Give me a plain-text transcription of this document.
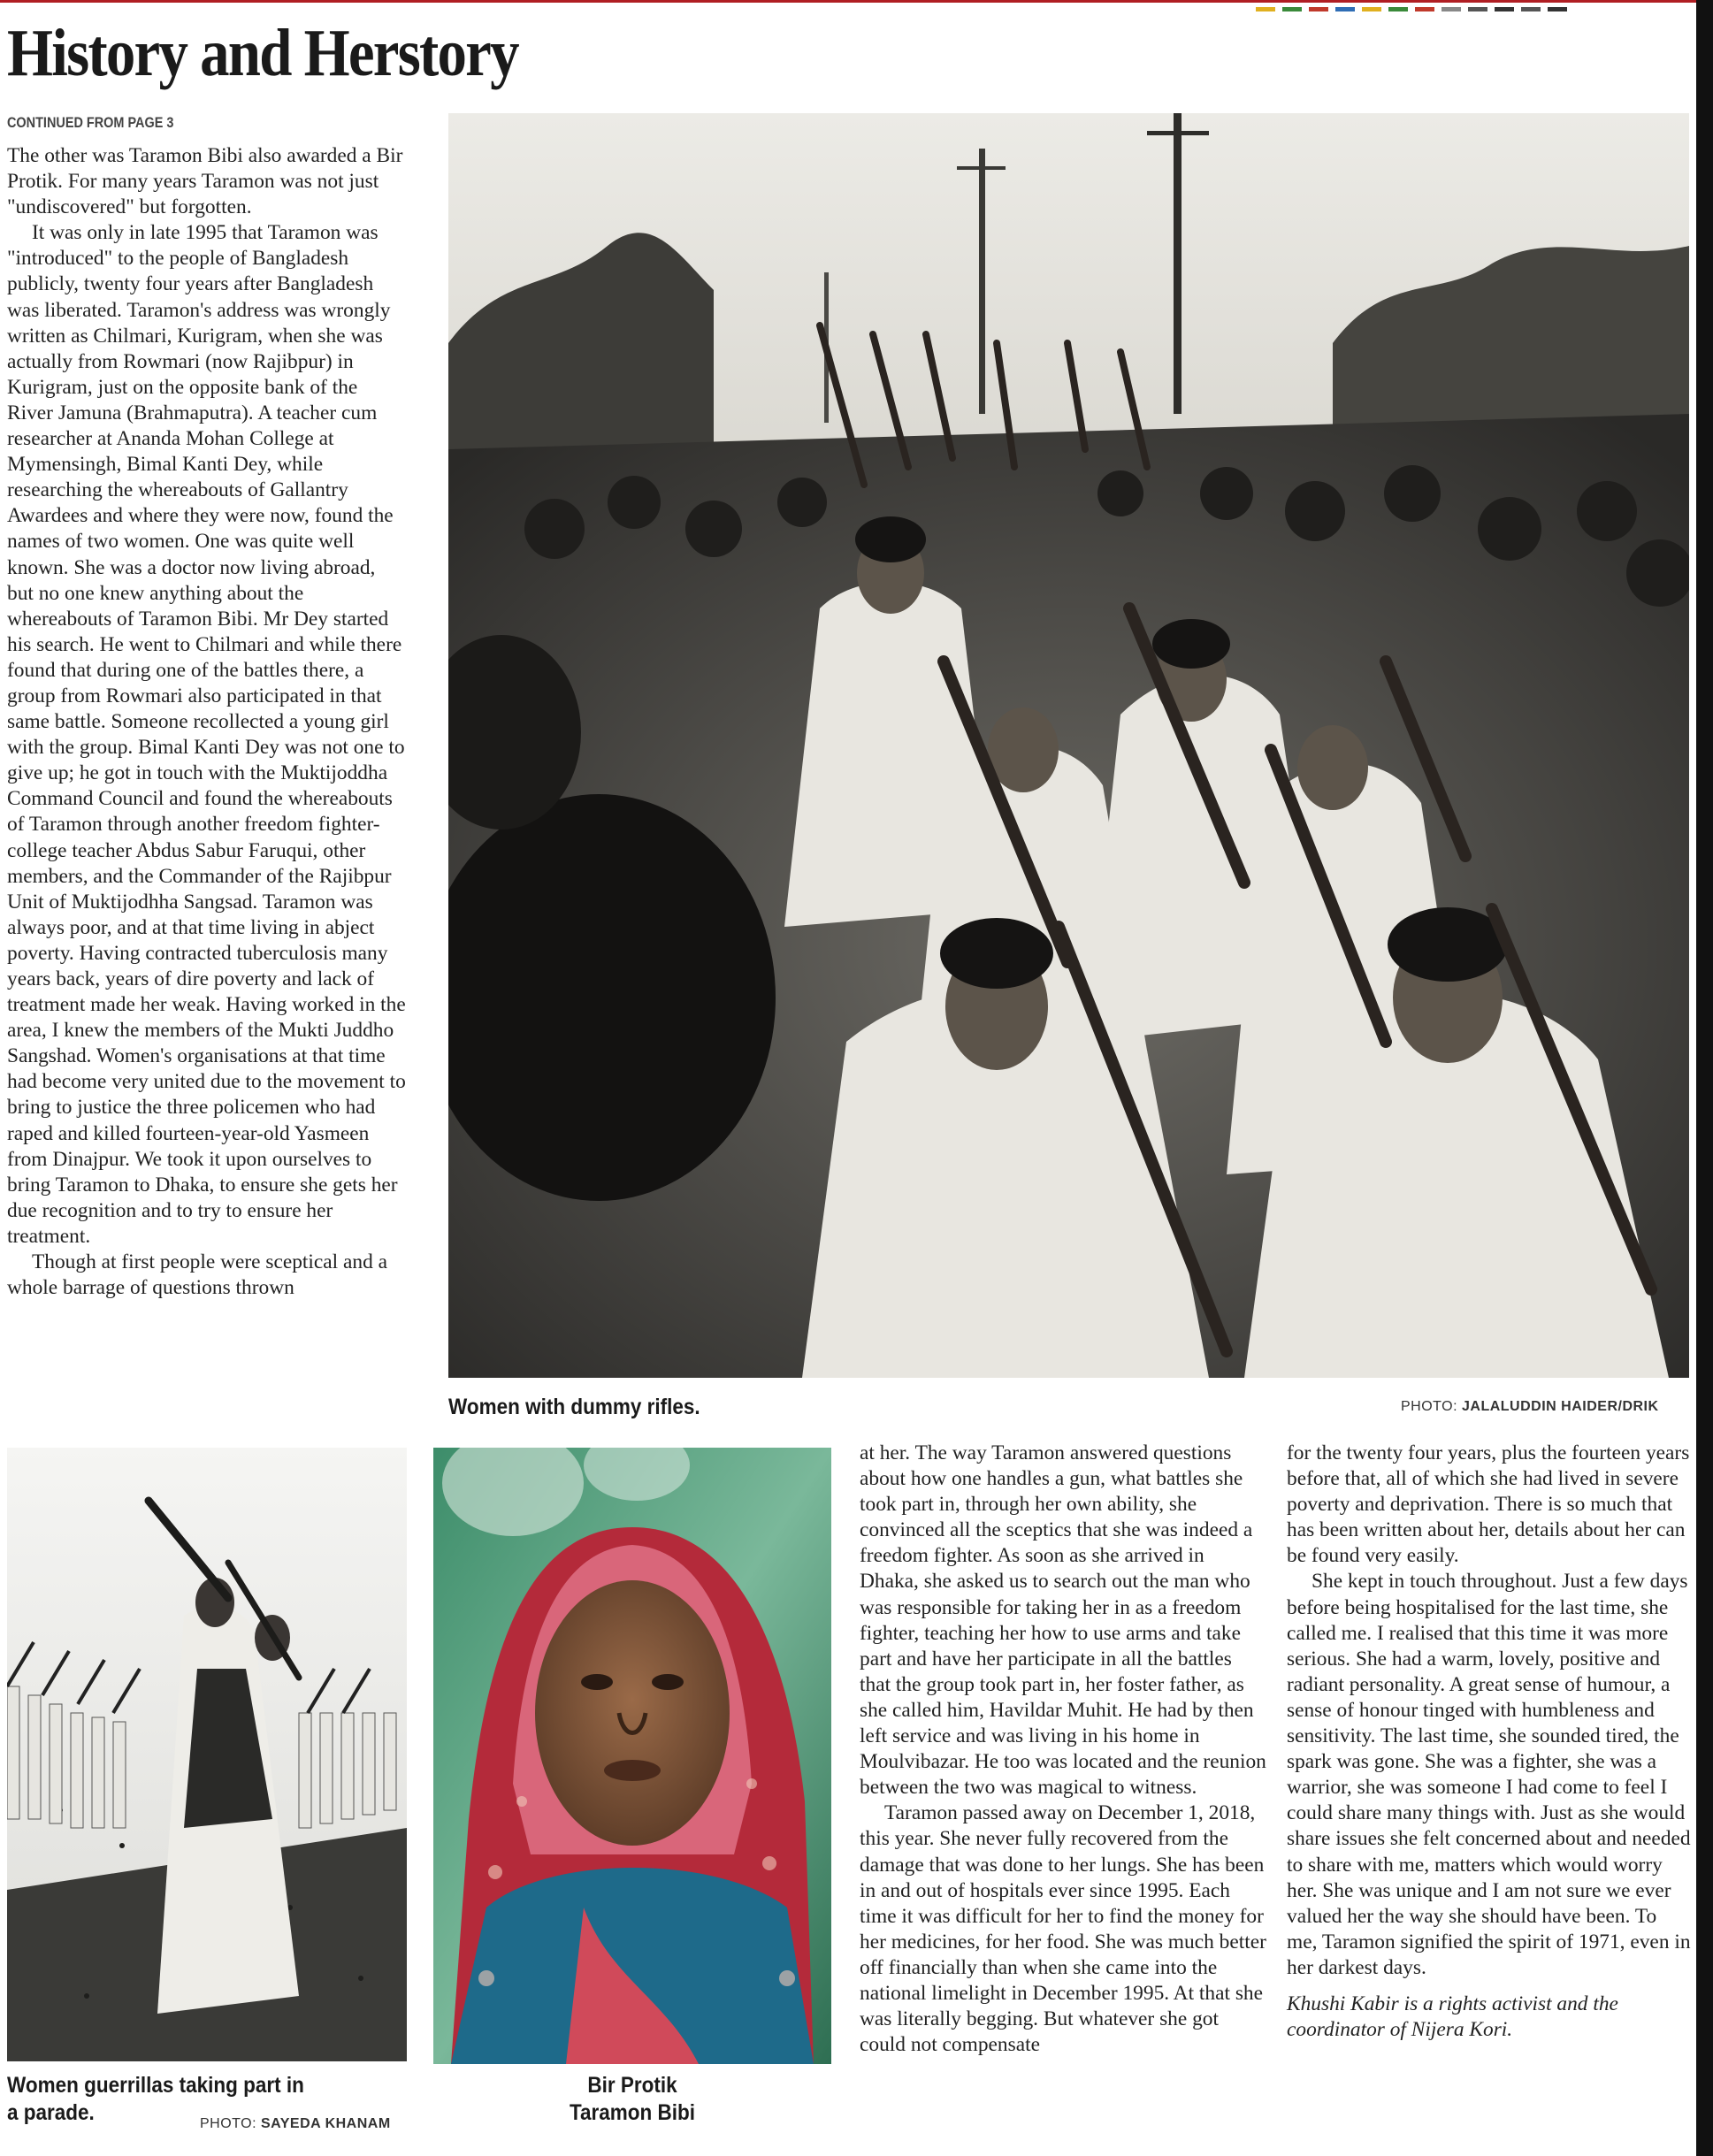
History and Herstory
CONTINUED FROM PAGE 3

The other was Taramon Bibi also awarded a Bir Protik. For many years Taramon was not just "undiscovered" but forgotten.

It was only in late 1995 that Taramon was "introduced" to the people of Bangladesh publicly, twenty four years after Bangladesh was liberated. Taramon's address was wrongly written as Chilmari, Kurigram, when she was actually from Rowmari (now Rajibpur) in Kurigram, just on the opposite bank of the River Jamuna (Brahmaputra). A teacher cum researcher at Ananda Mohan College at Mymensingh, Bimal Kanti Dey, while researching the whereabouts of Gallantry Awardees and where they were now, found the names of two women. One was quite well known. She was a doctor now living abroad, but no one knew anything about the whereabouts of Taramon Bibi. Mr Dey started his search. He went to Chilmari and while there found that during one of the battles there, a group from Rowmari also participated in that same battle. Someone recollected a young girl with the group. Bimal Kanti Dey was not one to give up; he got in touch with the Muktijoddha Command Council and found the whereabouts of Taramon through another freedom fighter-college teacher Abdus Sabur Faruqui, other members, and the Commander of the Rajibpur Unit of Muktijodhha Sangsad. Taramon was always poor, and at that time living in abject poverty. Having contracted tuberculosis many years back, years of dire poverty and lack of treatment made her weak. Having worked in the area, I knew the members of the Mukti Juddho Sangshad. Women's organisations at that time had become very united due to the movement to bring to justice the three policemen who had raped and killed fourteen-year-old Yasmeen from Dinajpur. We took it upon ourselves to bring Taramon to Dhaka, to ensure she gets her due recognition and to try to ensure her treatment.

Though at first people were sceptical and a whole barrage of questions thrown

Women with dummy rifles.	PHOTO: JALALUDDIN HAIDER/DRIK
Women guerrillas taking part in a parade.	PHOTO: SAYEDA KHANAM
Bir Protik
Taramon Bibi

at her. The way Taramon answered questions about how one handles a gun, what battles she took part in, through her own ability, she convinced all the sceptics that she was indeed a freedom fighter. As soon as she arrived in Dhaka, she asked us to search out the man who was responsible for taking her in as a freedom fighter, teaching her how to use arms and take part and have her participate in all the battles that the group took part in, her foster father, as she called him, Havildar Muhit. He had by then left service and was living in his home in Moulvibazar. He too was located and the reunion between the two was magical to witness.

Taramon passed away on December 1, 2018, this year. She never fully recovered from the damage that was done to her lungs. She has been in and out of hospitals ever since 1995. Each time it was difficult for her to find the money for her medicines, for her food. She was much better off financially than when she came into the national limelight in December 1995. At that she was literally begging. But whatever she got could not compensate

for the twenty four years, plus the fourteen years before that, all of which she had lived in severe poverty and deprivation. There is so much that has been written about her, details about her can be found very easily.

She kept in touch throughout. Just a few days before being hospitalised for the last time, she called me. I realised that this time it was more serious. She had a warm, lovely, positive and radiant personality. A great sense of humour, a sense of honour tinged with humbleness and sensitivity. The last time, she sounded tired, the spark was gone. She was a fighter, she was a warrior, she was someone I had come to feel I could share many things with. Just as she would share issues she felt concerned about and needed to share with me, matters which would worry her. She was unique and I am not sure we ever valued her the way she should have been. To me, Taramon signified the spirit of 1971, even in her darkest days.

Khushi Kabir is a rights activist and the coordinator of Nijera Kori.
